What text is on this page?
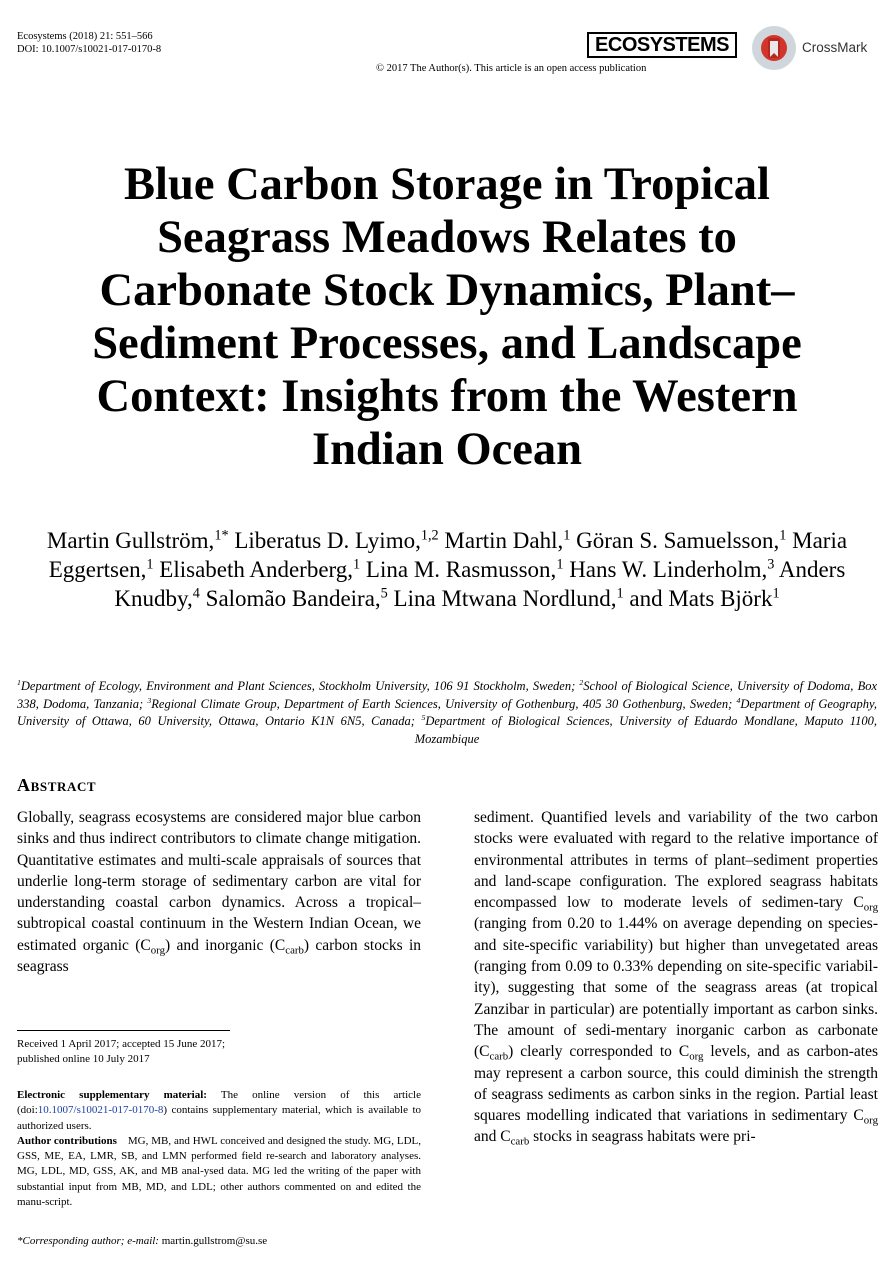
Ecosystems (2018) 21: 551–566
DOI: 10.1007/s10021-017-0170-8	ECOSYSTEMS	CrossMark
© 2017 The Author(s). This article is an open access publication
Blue Carbon Storage in Tropical
Seagrass Meadows Relates to
Carbonate Stock Dynamics, Plant–
Sediment Processes, and Landscape
Context: Insights from the Western
Indian Ocean
Martin Gullström,$^{1*}$ Liberatus D. Lyimo,$^{1,2}$ Martin Dahl,$^1$ Göran S. Samuelsson,$^1$ Maria Eggertsen,$^1$ Elisabeth Anderberg,$^1$ Lina M. Rasmusson,$^1$ Hans W. Linderholm,$^3$ Anders Knudby,$^4$ Salomão Bandeira,$^5$ Lina Mtwana Nordlund,$^1$ and Mats Björk$^1$
$^1$Department of Ecology, Environment and Plant Sciences, Stockholm University, 106 91 Stockholm, Sweden; $^2$School of Biological Science, University of Dodoma, Box 338, Dodoma, Tanzania; $^3$Regional Climate Group, Department of Earth Sciences, University of Gothenburg, 405 30 Gothenburg, Sweden; $^4$Department of Geography, University of Ottawa, 60 University, Ottawa, Ontario K1N 6N5, Canada; $^5$Department of Biological Sciences, University of Eduardo Mondlane, Maputo 1100, Mozambique
Abstract
Globally, seagrass ecosystems are considered major blue carbon sinks and thus indirect contributors to climate change mitigation. Quantitative estimates and multi-scale appraisals of sources that underlie long-term storage of sedimentary carbon are vital for understanding coastal carbon dynamics. Across a tropical–subtropical coastal continuum in the Western Indian Ocean, we estimated organic $(C_{org})$ and inorganic $(C_{carb})$ carbon stocks in seagrass
sediment. Quantified levels and variability of the two carbon stocks were evaluated with regard to the relative importance of environmental attributes in terms of plant–sediment properties and land-scape configuration. The explored seagrass habitats encompassed low to moderate levels of sedimen-tary $C_{org}$ (ranging from 0.20 to 1.44% on average depending on species- and site-specific variability) but higher than unvegetated areas (ranging from 0.09 to 0.33% depending on site-specific variabil-ity), suggesting that some of the seagrass areas (at tropical Zanzibar in particular) are potentially important as carbon sinks. The amount of sedi-mentary inorganic carbon as carbonate $(C_{carb})$ clearly corresponded to $C_{org}$ levels, and as carbon-ates may represent a carbon source, this could diminish the strength of seagrass sediments as carbon sinks in the region. Partial least squares modelling indicated that variations in sedimentary $C_{org}$ and $C_{carb}$ stocks in seagrass habitats were pri-
Received 1 April 2017; accepted 15 June 2017;
published online 10 July 2017
Electronic supplementary material: The online version of this article (doi:10.1007/s10021-017-0170-8) contains supplementary material, which is available to authorized users.
Author contributions MG, MB, and HWL conceived and designed the study. MG, LDL, GSS, ME, EA, LMR, SB, and LMN performed field re-search and laboratory analyses. MG, LDL, MD, GSS, AK, and MB anal-ysed data. MG led the writing of the paper with substantial input from MB, MD, and LDL; other authors commented on and edited the manu-script.
*Corresponding author; e-mail: martin.gullstrom@su.se
